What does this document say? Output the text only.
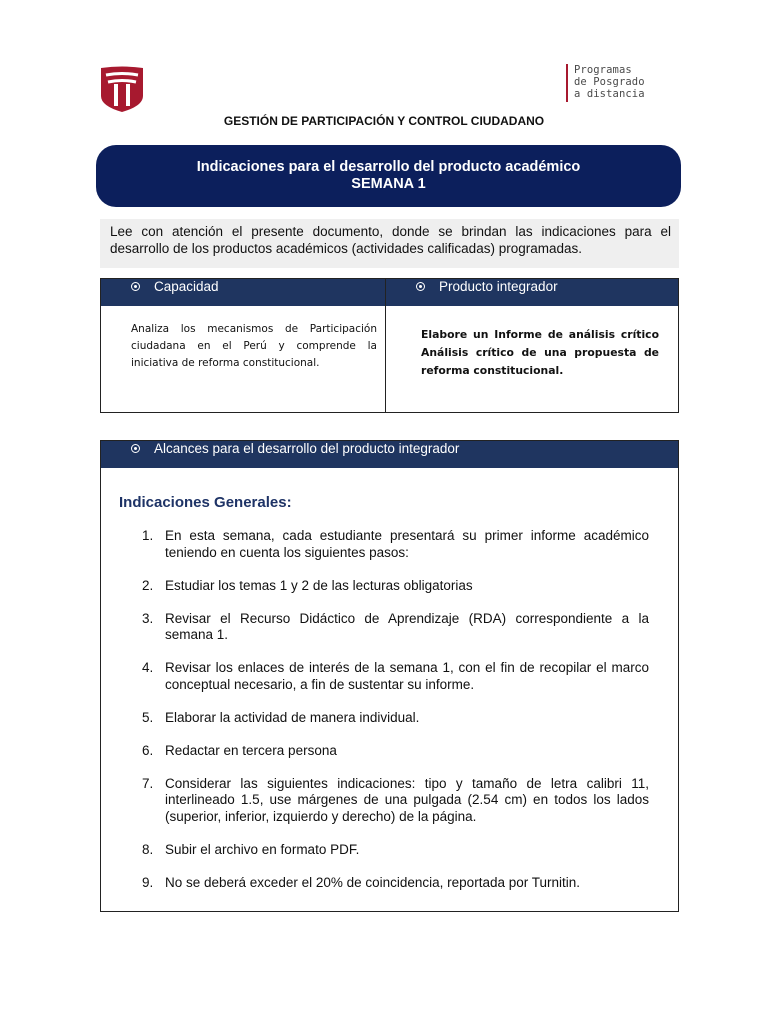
Programas
de Posgrado
a distancia
GESTIÓN DE PARTICIPACIÓN Y CONTROL CIUDADANO
Indicaciones para el desarrollo del producto académico
SEMANA 1
Lee con atención el presente documento, donde se brindan las indicaciones para el desarrollo de los productos académicos (actividades calificadas) programadas.
Capacidad	Producto integrador
Analiza los mecanismos de Participación ciudadana en el Perú y comprende la iniciativa de reforma constitucional.
Elabore un Informe de análisis crítico Análisis crítico de una propuesta de reforma constitucional.
Alcances para el desarrollo del producto integrador
Indicaciones Generales:
1. En esta semana, cada estudiante presentará su primer informe académico teniendo en cuenta los siguientes pasos:
2. Estudiar los temas 1 y 2 de las lecturas obligatorias
3. Revisar el Recurso Didáctico de Aprendizaje (RDA) correspondiente a la semana 1.
4. Revisar los enlaces de interés de la semana 1, con el fin de recopilar el marco conceptual necesario, a fin de sustentar su informe.
5. Elaborar la actividad de manera individual.
6. Redactar en tercera persona
7. Considerar las siguientes indicaciones: tipo y tamaño de letra calibri 11, interlineado 1.5, use márgenes de una pulgada (2.54 cm) en todos los lados (superior, inferior, izquierdo y derecho) de la página.
8. Subir el archivo en formato PDF.
9. No se deberá exceder el 20% de coincidencia, reportada por Turnitin.
